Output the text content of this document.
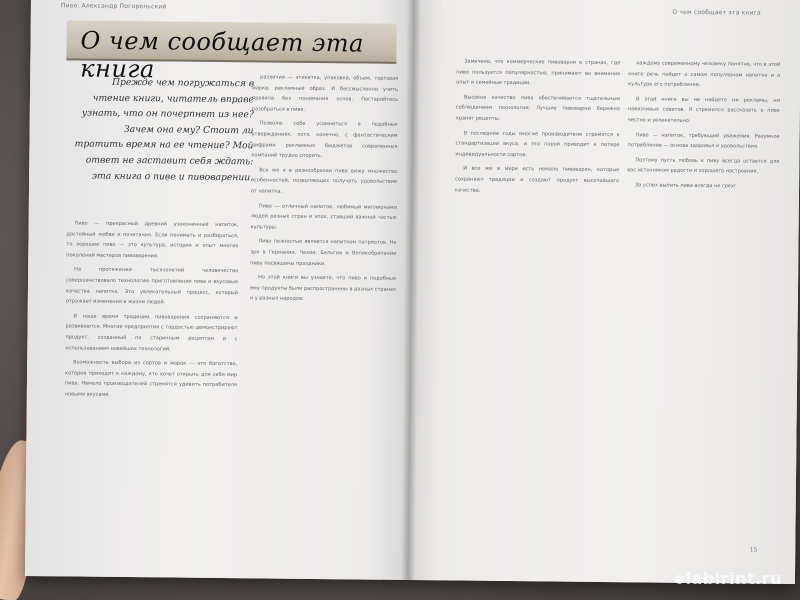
Пиво. Александр Погорельский
О чем сообщает эта книга
Прежде чем погружаться в чтение книги, читатель вправе узнать, что он почерпнет из нее? Зачем она ему? Стоит ли тратить время на ее чтение? Мой ответ не заставит себя ждать: эта книга о пиве и пивоварении.

Пиво — прекрасный древний узаконенный напиток, достойный любви и почитания. Если понимать и разбираться, то хорошее пиво — это культура, история и опыт многих поколений мастеров пивоварения.

На протяжении тысячелетий человечество совершенствовало технологию приготовления пива и вкусовые качества напитка. Это увлекательный процесс, который отражает изменения в жизни людей.

В наше время традиции пивоварения сохраняются и развиваются. Многие предприятия с гордостью демонстрируют продукт, созданный по старинным рецептам и с использованием новейших технологий.

Возможность выбора из сортов и марок — это богатство, которое приходит к каждому, кто хочет открыть для себя мир пива. Немало производителей стремятся удивить потребителя новыми вкусами.

различия — этикетка, упаковка, объем, торговая марка, рекламный образ. И бессмысленно учить правила без понимания основ. Постарайтесь разобраться в пиве.

Позволю себе усомниться в подобных утверждениях, хотя, конечно, с фантастическим цифрами рекламных бюджетов современных компаний трудно спорить.

Все же я в разнообразии пива вижу множество особенностей, позволяющих получать удовольствие от напитка.

Пиво — отличный напиток, любимый миллионами людей разных стран и эпох, ставший важной частью культуры.

Пиво полностью является напитком патриотов. Не зря в Германии, Чехии, Бельгии и Великобритании пиву посвящены праздники.

Но этой книги вы узнаете, что пиво и подобные ему продукты были распространены в разных странах и у разных народов.

О чем сообщает эта книга

Замечено, что коммерческие пивоварни в странах, где пиво пользуется популярностью, принимают во внимание опыт и семейные традиции.

Высокое качество пива обеспечивается тщательным соблюдением технологии. Лучшие пивоварни бережно хранят рецепты.

В последние годы многие производители стремятся к стандартизации вкуса, и это порой приводит к потере индивидуальности сортов.

И все же в мире есть немало пивоварен, которые сохраняют традиции и создают продукт высочайшего качества.

каждому современному человеку понятно, что в этой книге речь пойдет о самом популярном напитке и о культуре его потребления.

В этой книге вы не найдете ни рекламы, ни навязчивых советов. Я стремился рассказать о пиве честно и увлекательно.

Пиво — напиток, требующий уважения. Разумное потребление — основа здоровья и удовольствия.

Поэтому пусть любовь к пиву всегда остается для вас источником радости и хорошего настроения.

За успех выпить пива всегда не грех!

15
labirint.ru
